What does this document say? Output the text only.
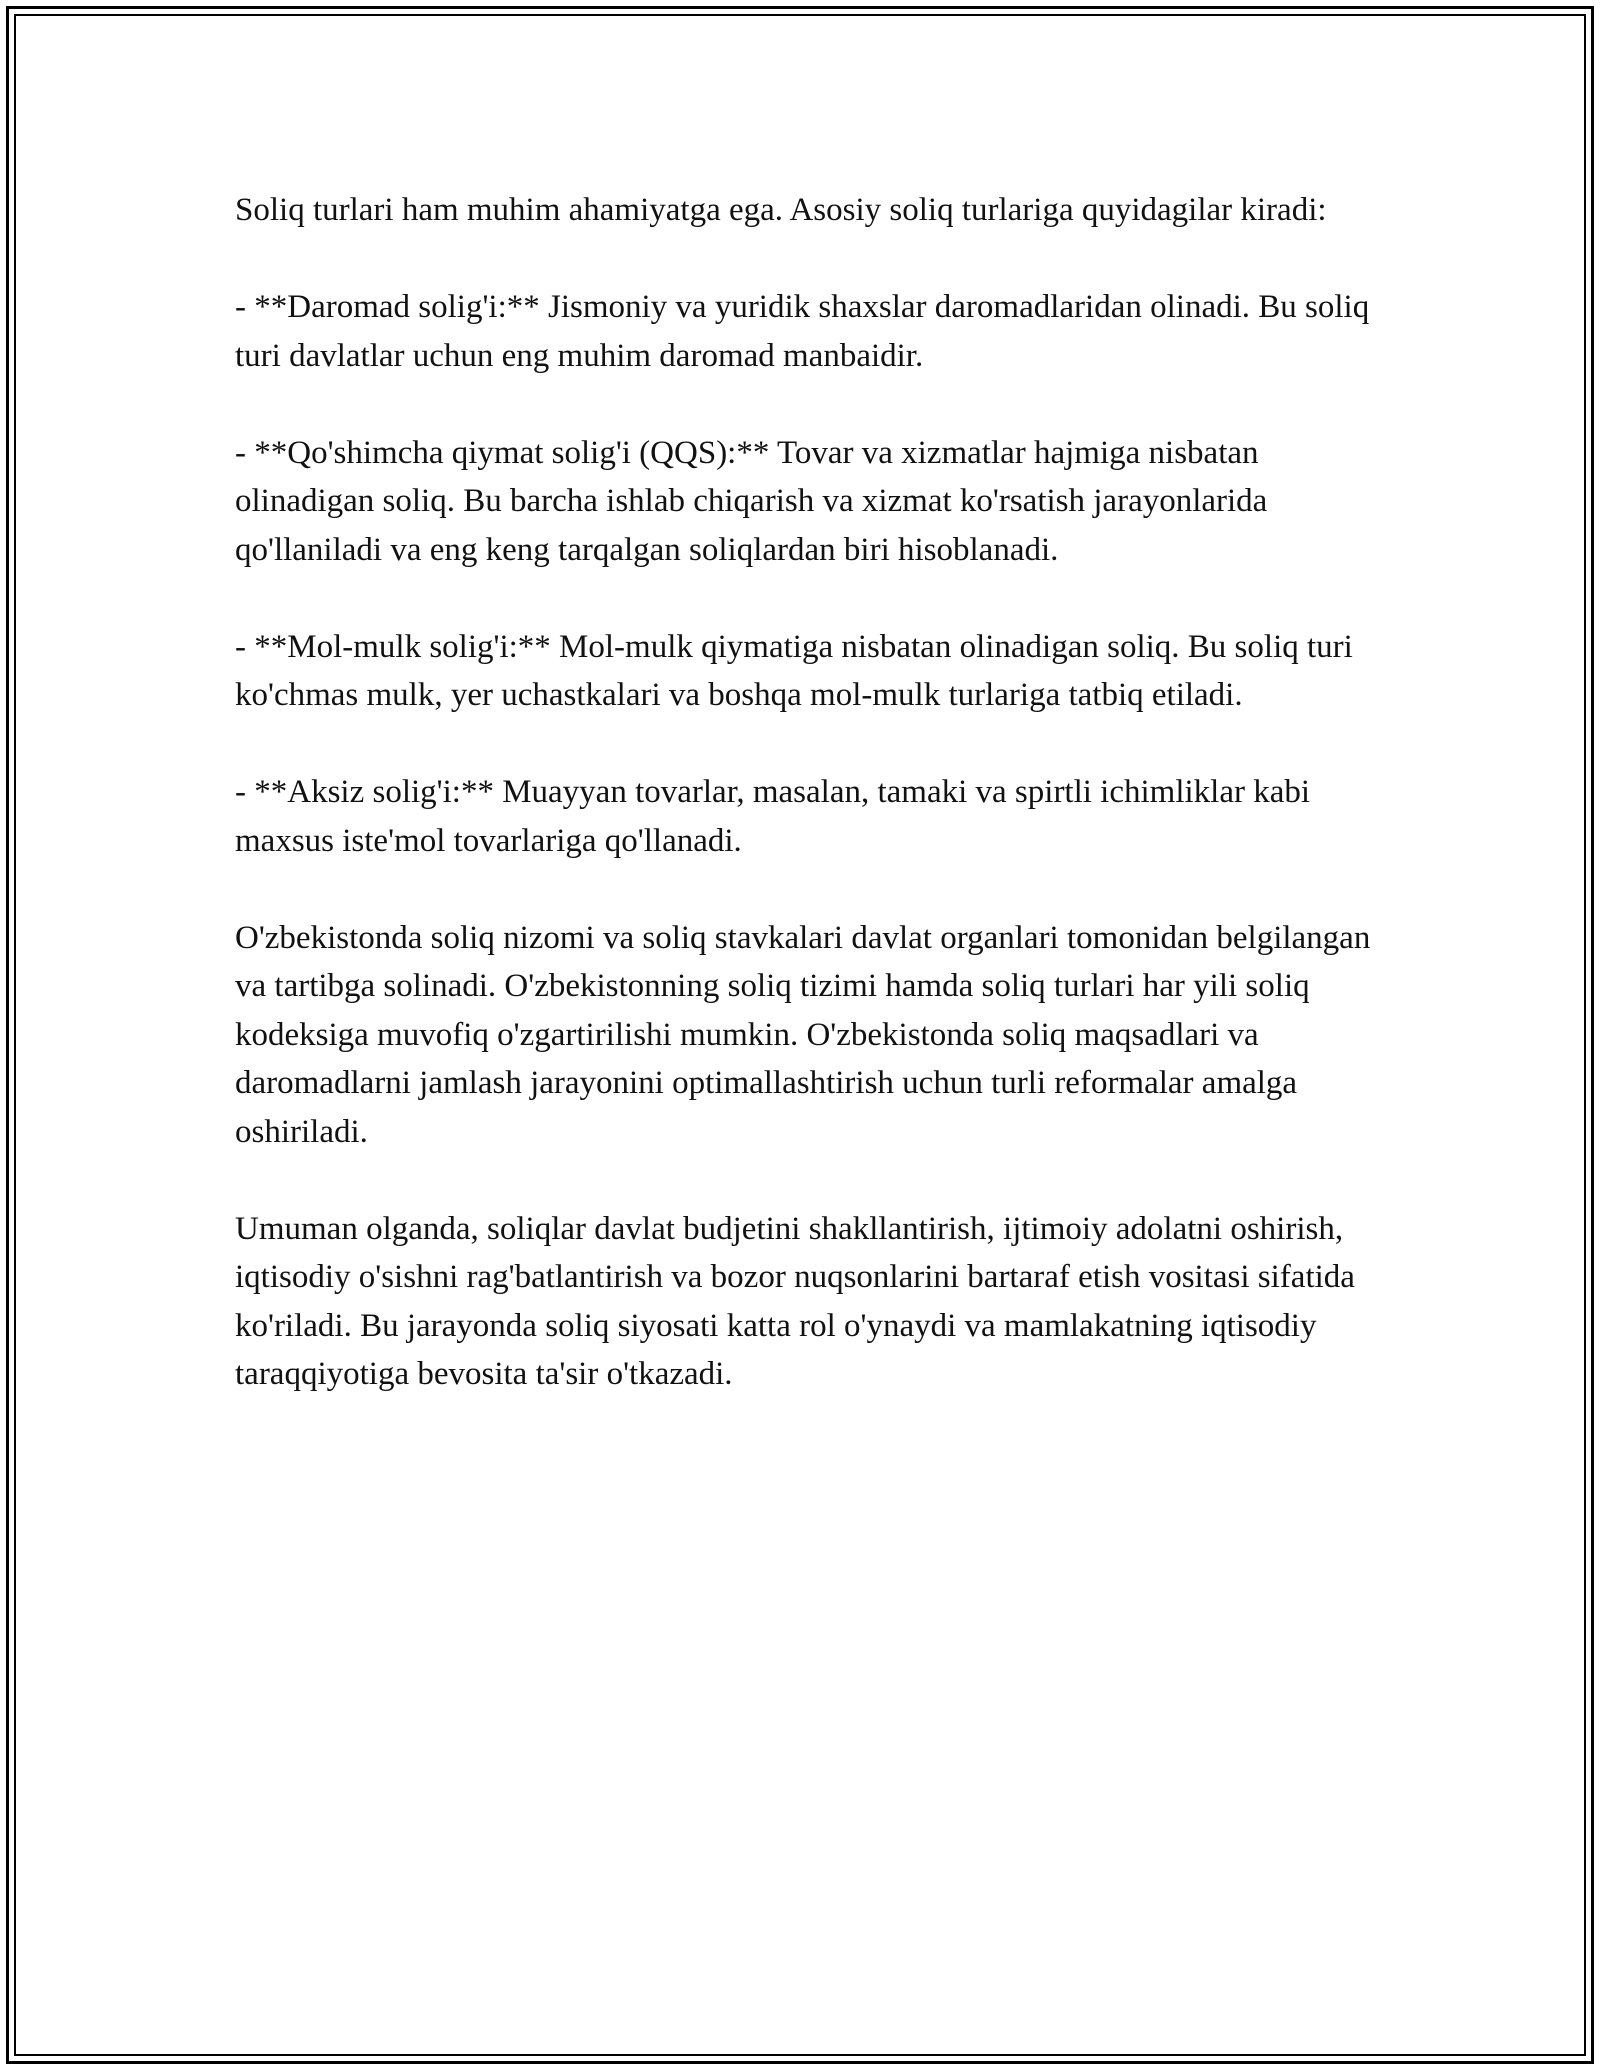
Soliq turlari ham muhim ahamiyatga ega. Asosiy soliq turlariga quyidagilar kiradi:

- **Daromad solig'i:** Jismoniy va yuridik shaxslar daromadlaridan olinadi. Bu soliq turi davlatlar uchun eng muhim daromad manbaidir.

- **Qo'shimcha qiymat solig'i (QQS):** Tovar va xizmatlar hajmiga nisbatan olinadigan soliq. Bu barcha ishlab chiqarish va xizmat ko'rsatish jarayonlarida qo'llaniladi va eng keng tarqalgan soliqlardan biri hisoblanadi.

- **Mol-mulk solig'i:** Mol-mulk qiymatiga nisbatan olinadigan soliq. Bu soliq turi ko'chmas mulk, yer uchastkalari va boshqa mol-mulk turlariga tatbiq etiladi.

- **Aksiz solig'i:** Muayyan tovarlar, masalan, tamaki va spirtli ichimliklar kabi maxsus iste'mol tovarlariga qo'llanadi.

O'zbekistonda soliq nizomi va soliq stavkalari davlat organlari tomonidan belgilangan va tartibga solinadi. O'zbekistonning soliq tizimi hamda soliq turlari har yili soliq kodeksiga muvofiq o'zgartirilishi mumkin. O'zbekistonda soliq maqsadlari va daromadlarni jamlash jarayonini optimallashtirish uchun turli reformalar amalga oshiriladi.

Umuman olganda, soliqlar davlat budjetini shakllantirish, ijtimoiy adolatni oshirish, iqtisodiy o'sishni rag'batlantirish va bozor nuqsonlarini bartaraf etish vositasi sifatida ko'riladi. Bu jarayonda soliq siyosati katta rol o'ynaydi va mamlakatning iqtisodiy taraqqiyotiga bevosita ta'sir o'tkazadi.
